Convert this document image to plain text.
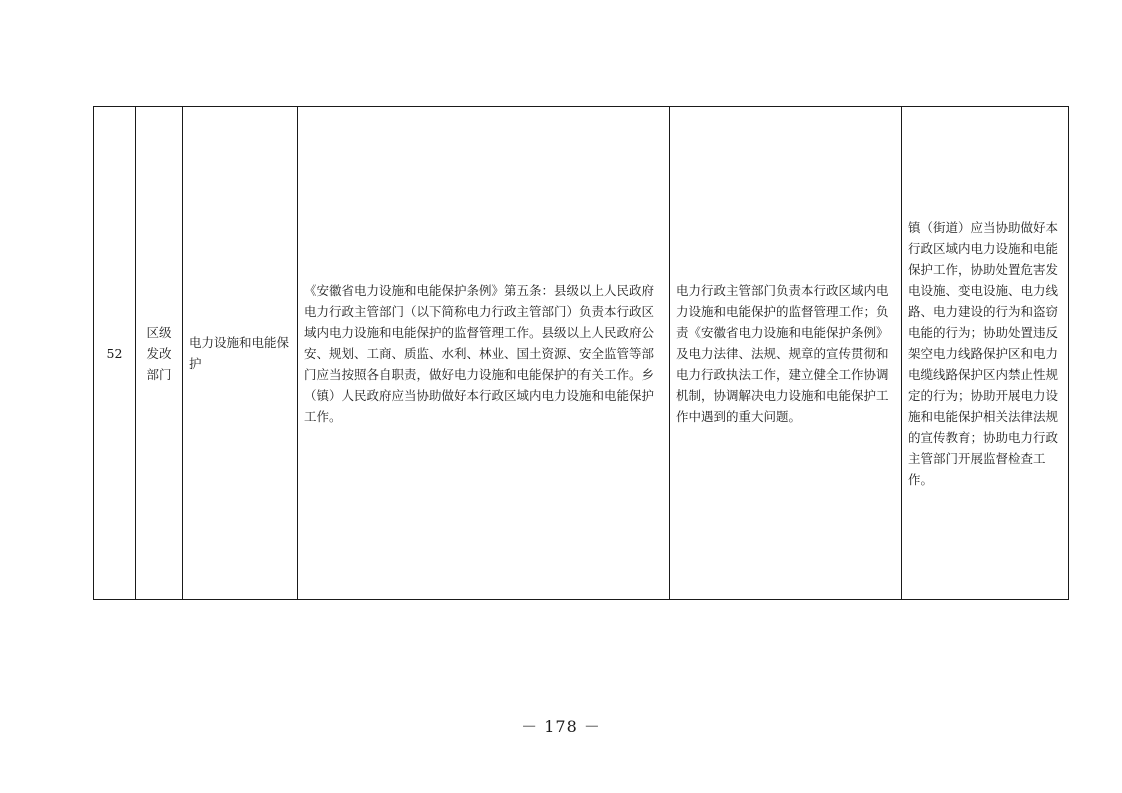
52	区级
发改
部门	电力设施和电能保护	《安徽省电力设施和电能保护条例》第五条：县级以上人民政府电力行政主管部门（以下简称电力行政主管部门）负责本行政区域内电力设施和电能保护的监督管理工作。县级以上人民政府公安、规划、工商、质监、水利、林业、国土资源、安全监管等部门应当按照各自职责，做好电力设施和电能保护的有关工作。乡（镇）人民政府应当协助做好本行政区域内电力设施和电能保护工作。	电力行政主管部门负责本行政区域内电力设施和电能保护的监督管理工作；负责《安徽省电力设施和电能保护条例》及电力法律、法规、规章的宣传贯彻和电力行政执法工作，建立健全工作协调机制，协调解决电力设施和电能保护工作中遇到的重大问题。	镇（街道）应当协助做好本行政区域内电力设施和电能保护工作，协助处置危害发电设施、变电设施、电力线路、电力建设的行为和盗窃电能的行为；协助处置违反架空电力线路保护区和电力电缆线路保护区内禁止性规定的行为；协助开展电力设施和电能保护相关法律法规的宣传教育；协助电力行政主管部门开展监督检查工作。
－ 178 －
